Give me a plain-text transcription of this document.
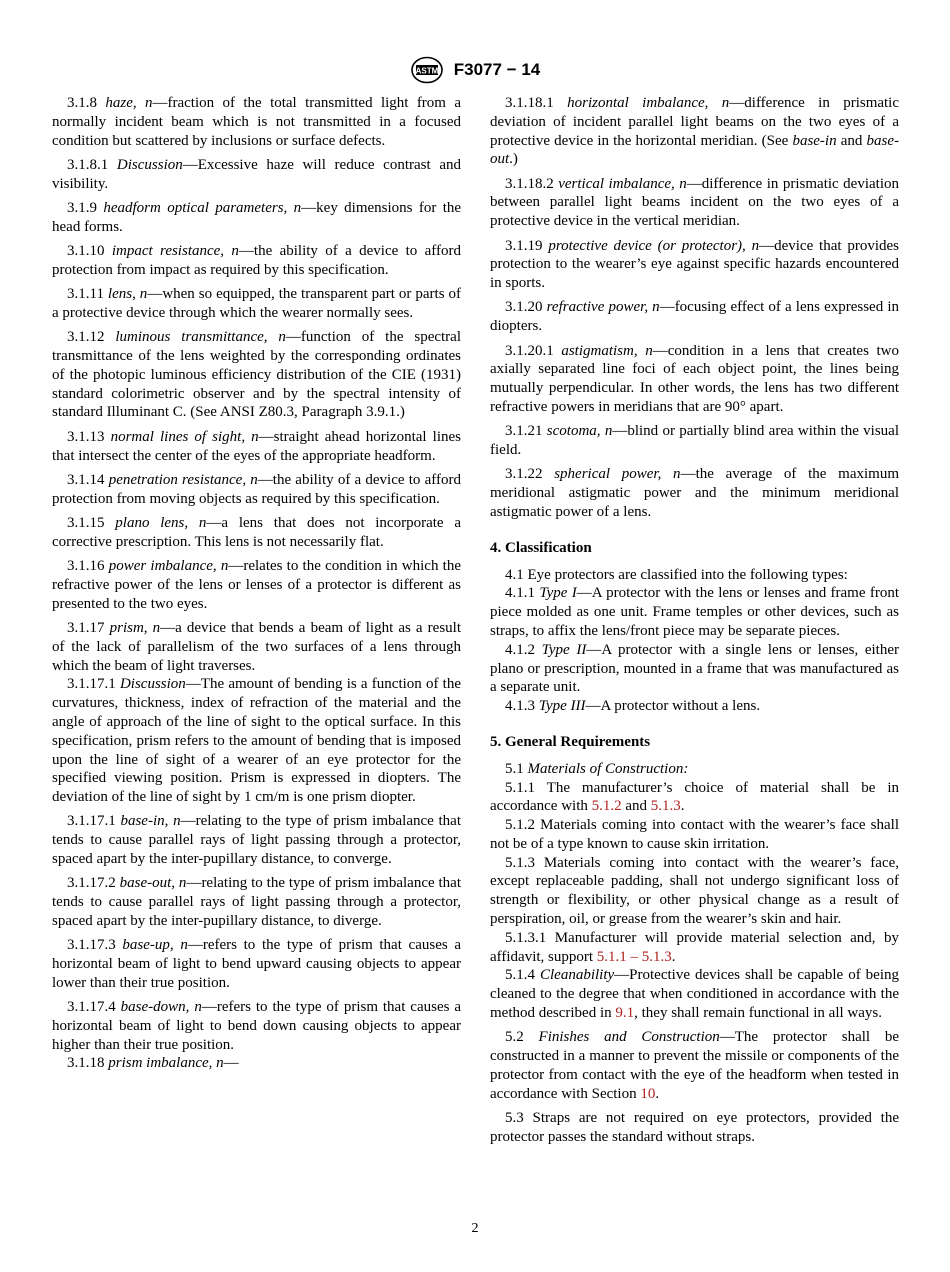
ASTM F3077 − 14

3.1.8 haze, n—fraction of the total transmitted light from a normally incident beam which is not transmitted in a focused condition but scattered by inclusions or surface defects.

3.1.8.1 Discussion—Excessive haze will reduce contrast and visibility.

3.1.9 headform optical parameters, n—key dimensions for the head forms.

3.1.10 impact resistance, n—the ability of a device to afford protection from impact as required by this specification.

3.1.11 lens, n—when so equipped, the transparent part or parts of a protective device through which the wearer normally sees.

3.1.12 luminous transmittance, n—function of the spectral transmittance of the lens weighted by the corresponding ordinates of the photopic luminous efficiency distribution of the CIE (1931) standard colorimetric observer and by the spectral intensity of standard Illuminant C. (See ANSI Z80.3, Paragraph 3.9.1.)

3.1.13 normal lines of sight, n—straight ahead horizontal lines that intersect the center of the eyes of the appropriate headform.

3.1.14 penetration resistance, n—the ability of a device to afford protection from moving objects as required by this specification.

3.1.15 plano lens, n—a lens that does not incorporate a corrective prescription. This lens is not necessarily flat.

3.1.16 power imbalance, n—relates to the condition in which the refractive power of the lens or lenses of a protector is different as presented to the two eyes.

3.1.17 prism, n—a device that bends a beam of light as a result of the lack of parallelism of the two surfaces of a lens through which the beam of light traverses.

3.1.17.1 Discussion—The amount of bending is a function of the curvatures, thickness, index of refraction of the material and the angle of approach of the line of sight to the optical surface. In this specification, prism refers to the amount of bending that is imposed upon the line of sight of a wearer of an eye protector for the specified viewing position. Prism is expressed in diopters. The deviation of the line of sight by 1 cm/m is one prism diopter.

3.1.17.1 base-in, n—relating to the type of prism imbalance that tends to cause parallel rays of light passing through a protector, spaced apart by the inter-pupillary distance, to converge.

3.1.17.2 base-out, n—relating to the type of prism imbalance that tends to cause parallel rays of light passing through a protector, spaced apart by the inter-pupillary distance, to diverge.

3.1.17.3 base-up, n—refers to the type of prism that causes a horizontal beam of light to bend upward causing objects to appear lower than their true position.

3.1.17.4 base-down, n—refers to the type of prism that causes a horizontal beam of light to bend down causing objects to appear higher than their true position.

3.1.18 prism imbalance, n—

3.1.18.1 horizontal imbalance, n—difference in prismatic deviation of incident parallel light beams on the two eyes of a protective device in the horizontal meridian. (See base-in and base-out.)

3.1.18.2 vertical imbalance, n—difference in prismatic deviation between parallel light beams incident on the two eyes of a protective device in the vertical meridian.

3.1.19 protective device (or protector), n—device that provides protection to the wearer’s eye against specific hazards encountered in sports.

3.1.20 refractive power, n—focusing effect of a lens expressed in diopters.

3.1.20.1 astigmatism, n—condition in a lens that creates two axially separated line foci of each object point, the lines being mutually perpendicular. In other words, the lens has two different refractive powers in meridians that are 90° apart.

3.1.21 scotoma, n—blind or partially blind area within the visual field.

3.1.22 spherical power, n—the average of the maximum meridional astigmatic power and the minimum meridional astigmatic power of a lens.

4. Classification

4.1 Eye protectors are classified into the following types:

4.1.1 Type I—A protector with the lens or lenses and frame front piece molded as one unit. Frame temples or other devices, such as straps, to affix the lens/front piece may be separate pieces.

4.1.2 Type II—A protector with a single lens or lenses, either plano or prescription, mounted in a frame that was manufactured as a separate unit.

4.1.3 Type III—A protector without a lens.

5. General Requirements

5.1 Materials of Construction:

5.1.1 The manufacturer’s choice of material shall be in accordance with 5.1.2 and 5.1.3.

5.1.2 Materials coming into contact with the wearer’s face shall not be of a type known to cause skin irritation.

5.1.3 Materials coming into contact with the wearer’s face, except replaceable padding, shall not undergo significant loss of strength or flexibility, or other physical change as a result of perspiration, oil, or grease from the wearer’s skin and hair.

5.1.3.1 Manufacturer will provide material selection and, by affidavit, support 5.1.1 – 5.1.3.

5.1.4 Cleanability—Protective devices shall be capable of being cleaned to the degree that when conditioned in accordance with the method described in 9.1, they shall remain functional in all ways.

5.2 Finishes and Construction—The protector shall be constructed in a manner to prevent the missile or components of the protector from contact with the eye of the headform when tested in accordance with Section 10.

5.3 Straps are not required on eye protectors, provided the protector passes the standard without straps.

2
